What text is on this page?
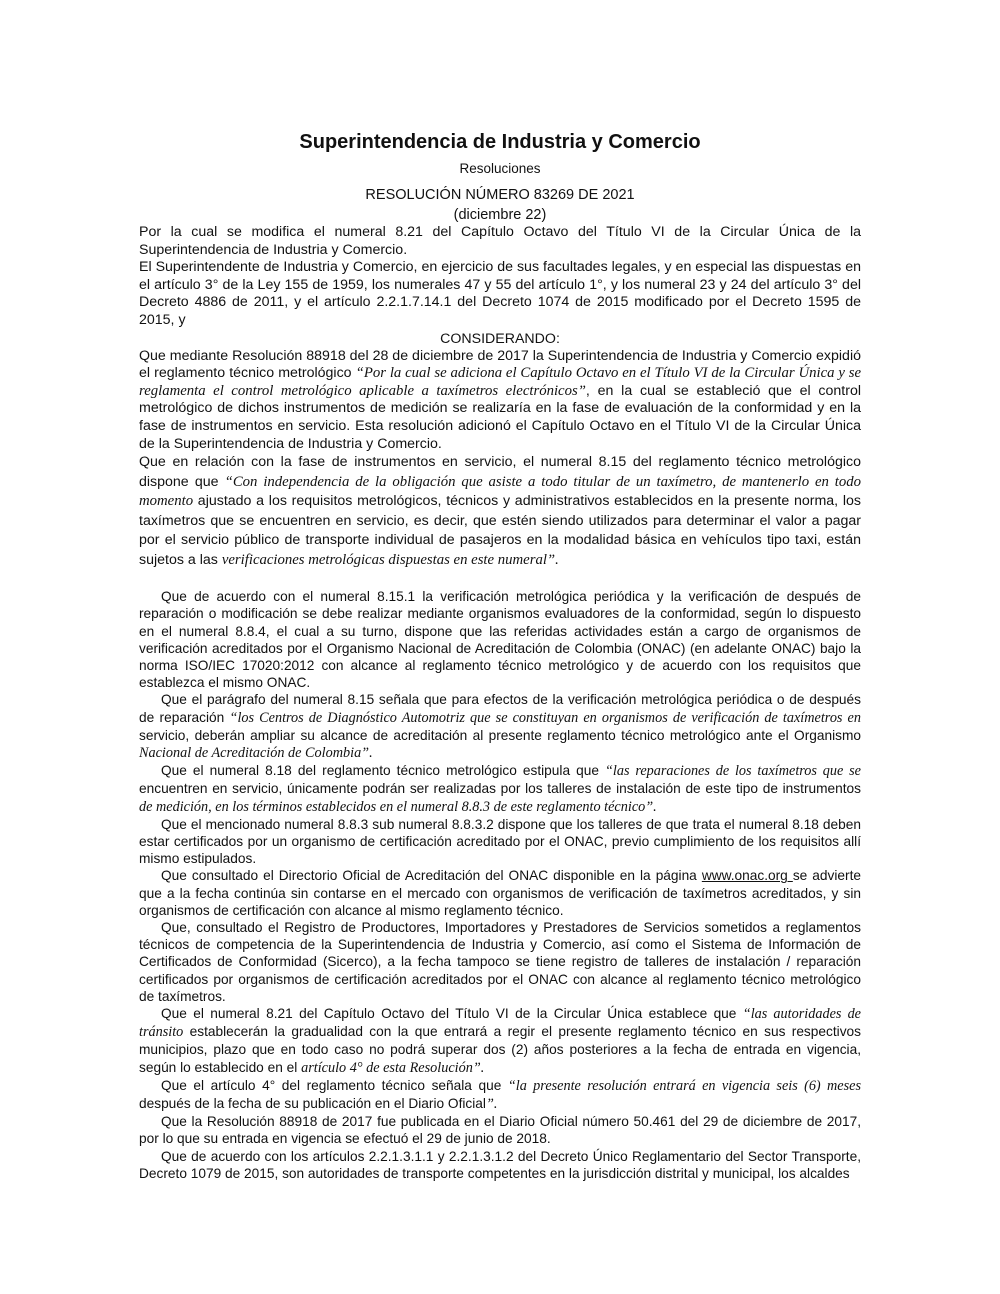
Superintendencia de Industria y Comercio
Resoluciones
RESOLUCIÓN NÚMERO 83269 DE 2021
(diciembre 22)

Por la cual se modifica el numeral 8.21 del Capítulo Octavo del Título VI de la Circular Única de la Superintendencia de Industria y Comercio.

El Superintendente de Industria y Comercio, en ejercicio de sus facultades legales, y en especial las dispuestas en el artículo 3° de la Ley 155 de 1959, los numerales 47 y 55 del artículo 1°, y los numeral 23 y 24 del artículo 3° del Decreto 4886 de 2011, y el artículo 2.2.1.7.14.1 del Decreto 1074 de 2015 modificado por el Decreto 1595 de 2015, y

CONSIDERANDO:

Que mediante Resolución 88918 del 28 de diciembre de 2017 la Superintendencia de Industria y Comercio expidió el reglamento técnico metrológico “Por la cual se adiciona el Capítulo Octavo en el Título VI de la Circular Única y se reglamenta el control metrológico aplicable a taxímetros electrónicos”, en la cual se estableció que el control metrológico de dichos instrumentos de medición se realizaría en la fase de evaluación de la conformidad y en la fase de instrumentos en servicio. Esta resolución adicionó el Capítulo Octavo en el Título VI de la Circular Única de la Superintendencia de Industria y Comercio.

Que en relación con la fase de instrumentos en servicio, el numeral 8.15 del reglamento técnico metrológico dispone que “Con independencia de la obligación que asiste a todo titular de un taxímetro, de mantenerlo en todo momento ajustado a los requisitos metrológicos, técnicos y administrativos establecidos en la presente norma, los taxímetros que se encuentren en servicio, es decir, que estén siendo utilizados para determinar el valor a pagar por el servicio público de transporte individual de pasajeros en la modalidad básica en vehículos tipo taxi, están sujetos a las verificaciones metrológicas dispuestas en este numeral”.

Que de acuerdo con el numeral 8.15.1 la verificación metrológica periódica y la verificación de después de reparación o modificación se debe realizar mediante organismos evaluadores de la conformidad, según lo dispuesto en el numeral 8.8.4, el cual a su turno, dispone que las referidas actividades están a cargo de organismos de verificación acreditados por el Organismo Nacional de Acreditación de Colombia (ONAC) (en adelante ONAC) bajo la norma ISO/IEC 17020:2012 con alcance al reglamento técnico metrológico y de acuerdo con los requisitos que establezca el mismo ONAC.

Que el parágrafo del numeral 8.15 señala que para efectos de la verificación metrológica periódica o de después de reparación “los Centros de Diagnóstico Automotriz que se constituyan en organismos de verificación de taxímetros en servicio, deberán ampliar su alcance de acreditación al presente reglamento técnico metrológico ante el Organismo Nacional de Acreditación de Colombia”.

Que el numeral 8.18 del reglamento técnico metrológico estipula que “las reparaciones de los taxímetros que se encuentren en servicio, únicamente podrán ser realizadas por los talleres de instalación de este tipo de instrumentos de medición, en los términos establecidos en el numeral 8.8.3 de este reglamento técnico”.

Que el mencionado numeral 8.8.3 sub numeral 8.8.3.2 dispone que los talleres de que trata el numeral 8.18 deben estar certificados por un organismo de certificación acreditado por el ONAC, previo cumplimiento de los requisitos allí mismo estipulados.

Que consultado el Directorio Oficial de Acreditación del ONAC disponible en la página www.onac.org se advierte que a la fecha continúa sin contarse en el mercado con organismos de verificación de taxímetros acreditados, y sin organismos de certificación con alcance al mismo reglamento técnico.

Que, consultado el Registro de Productores, Importadores y Prestadores de Servicios sometidos a reglamentos técnicos de competencia de la Superintendencia de Industria y Comercio, así como el Sistema de Información de Certificados de Conformidad (Sicerco), a la fecha tampoco se tiene registro de talleres de instalación / reparación certificados por organismos de certificación acreditados por el ONAC con alcance al reglamento técnico metrológico de taxímetros.

Que el numeral 8.21 del Capítulo Octavo del Título VI de la Circular Única establece que “las autoridades de tránsito establecerán la gradualidad con la que entrará a regir el presente reglamento técnico en sus respectivos municipios, plazo que en todo caso no podrá superar dos (2) años posteriores a la fecha de entrada en vigencia, según lo establecido en el artículo 4° de esta Resolución”.

Que el artículo 4° del reglamento técnico señala que “la presente resolución entrará en vigencia seis (6) meses después de la fecha de su publicación en el Diario Oficial”.

Que la Resolución 88918 de 2017 fue publicada en el Diario Oficial número 50.461 del 29 de diciembre de 2017, por lo que su entrada en vigencia se efectuó el 29 de junio de 2018.

Que de acuerdo con los artículos 2.2.1.3.1.1 y 2.2.1.3.1.2 del Decreto Único Reglamentario del Sector Transporte, Decreto 1079 de 2015, son autoridades de transporte competentes en la jurisdicción distrital y municipal, los alcaldes
